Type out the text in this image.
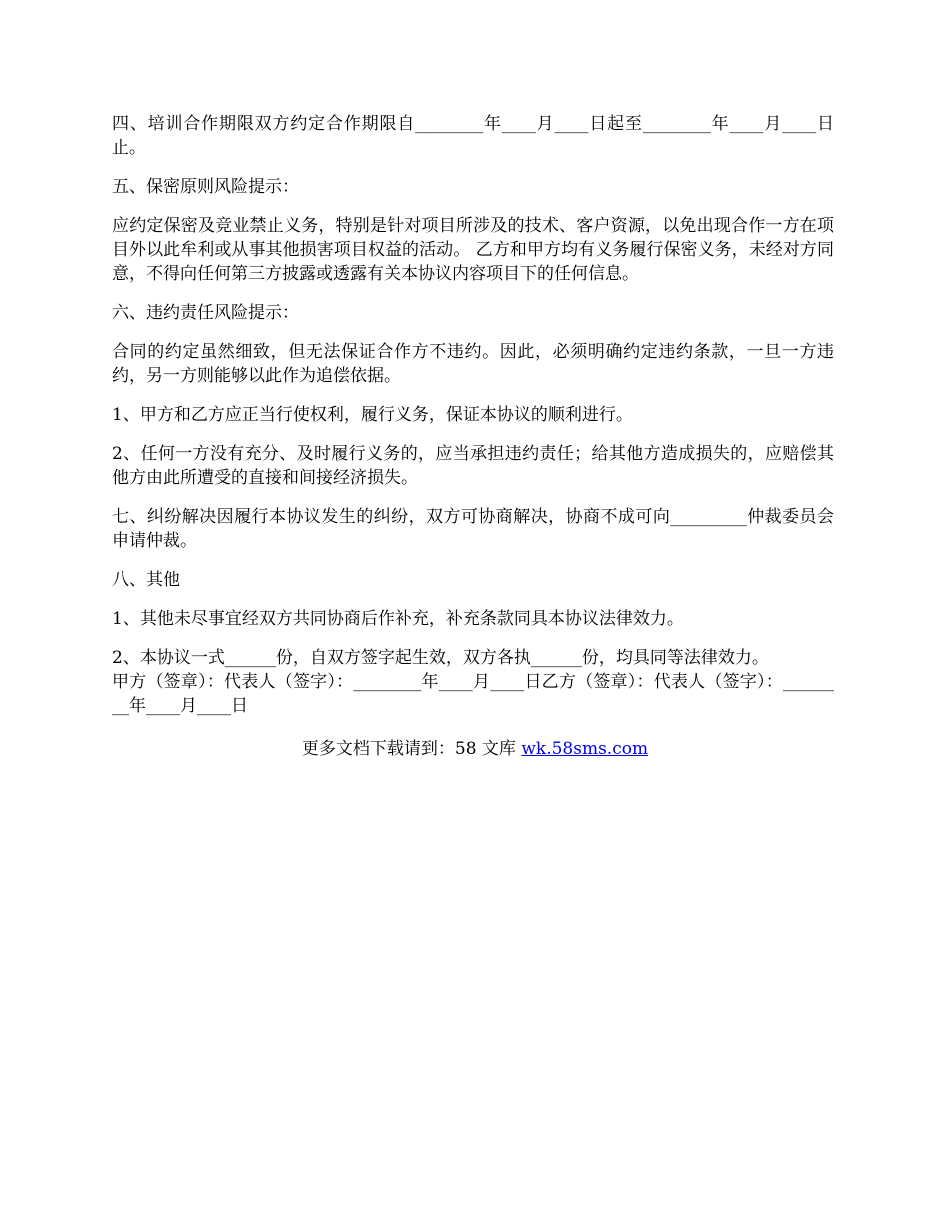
四、培训合作期限双方约定合作期限自________年____月____日起至________年____月____日止。

五、保密原则风险提示：

应约定保密及竞业禁止义务，特别是针对项目所涉及的技术、客户资源，以免出现合作一方在项目外以此牟利或从事其他损害项目权益的活动。 乙方和甲方均有义务履行保密义务，未经对方同意，不得向任何第三方披露或透露有关本协议内容项目下的任何信息。

六、违约责任风险提示：

合同的约定虽然细致，但无法保证合作方不违约。因此，必须明确约定违约条款，一旦一方违约，另一方则能够以此作为追偿依据。

1、甲方和乙方应正当行使权利，履行义务，保证本协议的顺利进行。

2、任何一方没有充分、及时履行义务的，应当承担违约责任；给其他方造成损失的，应赔偿其他方由此所遭受的直接和间接经济损失。

七、纠纷解决因履行本协议发生的纠纷，双方可协商解决，协商不成可向_________仲裁委员会申请仲裁。

八、其他

1、其他未尽事宜经双方共同协商后作补充，补充条款同具本协议法律效力。

2、本协议一式______份，自双方签字起生效，双方各执______份，均具同等法律效力。

甲方（签章）：代表人（签字）：________年____月____日乙方（签章）：代表人（签字）：________年____月____日

更多文档下载请到：58 文库 wk.58sms.com
